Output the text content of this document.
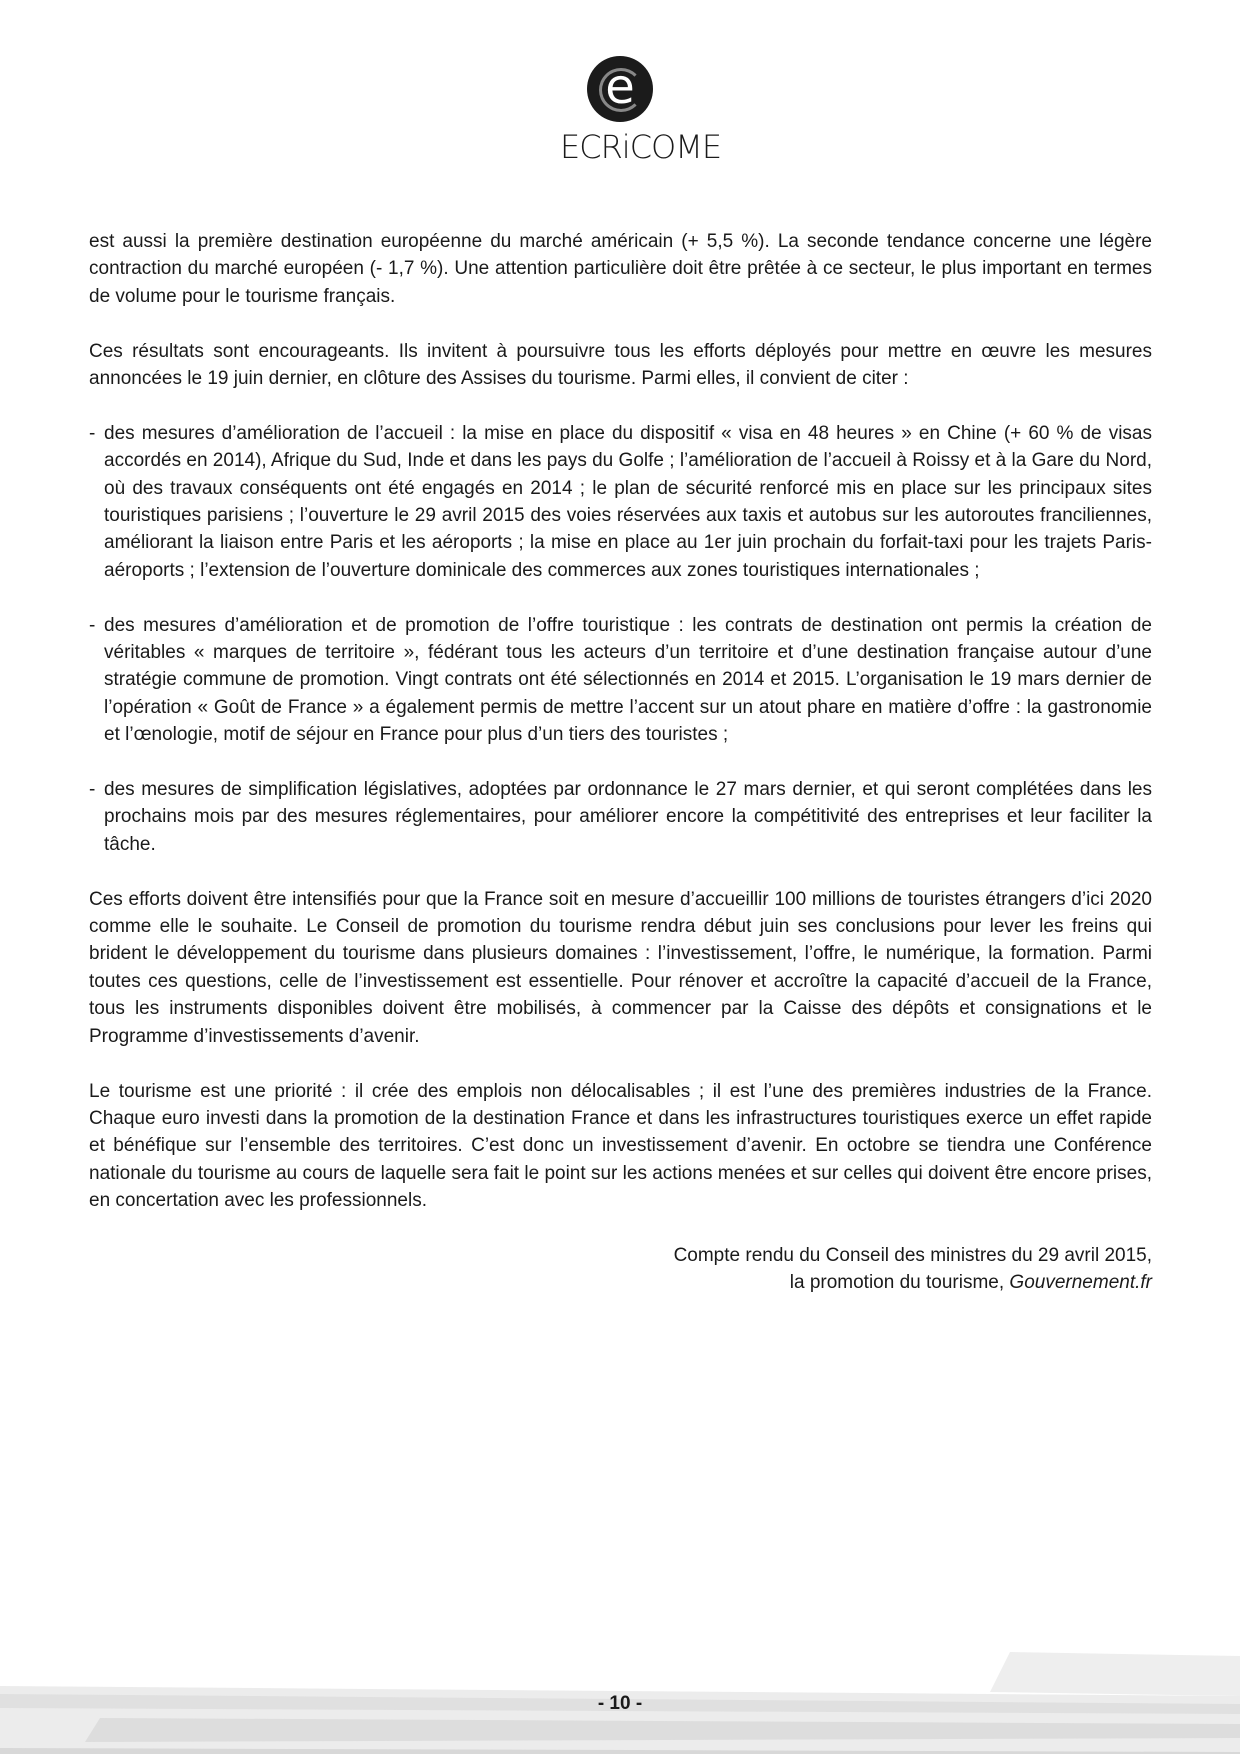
e
ECRiCOME

est aussi la première destination européenne du marché américain (+ 5,5 %). La seconde tendance concerne une légère contraction du marché européen (- 1,7 %). Une attention particulière doit être prêtée à ce secteur, le plus important en termes de volume pour le tourisme français.

Ces résultats sont encourageants. Ils invitent à poursuivre tous les efforts déployés pour mettre en œuvre les mesures annoncées le 19 juin dernier, en clôture des Assises du tourisme. Parmi elles, il convient de citer :

- des mesures d’amélioration de l’accueil : la mise en place du dispositif « visa en 48 heures » en Chine (+ 60 % de visas accordés en 2014), Afrique du Sud, Inde et dans les pays du Golfe ; l’amélioration de l’accueil à Roissy et à la Gare du Nord, où des travaux conséquents ont été engagés en 2014 ; le plan de sécurité renforcé mis en place sur les principaux sites touristiques parisiens ; l’ouverture le 29 avril 2015 des voies réservées aux taxis et autobus sur les autoroutes franciliennes, améliorant la liaison entre Paris et les aéroports ; la mise en place au 1er juin prochain du forfait-taxi pour les trajets Paris-aéroports ; l’extension de l’ouverture dominicale des commerces aux zones touristiques internationales ;

- des mesures d’amélioration et de promotion de l’offre touristique : les contrats de destination ont permis la création de véritables « marques de territoire », fédérant tous les acteurs d’un territoire et d’une destination française autour d’une stratégie commune de promotion. Vingt contrats ont été sélectionnés en 2014 et 2015. L’organisation le 19 mars dernier de l’opération « Goût de France » a également permis de mettre l’accent sur un atout phare en matière d’offre : la gastronomie et l’œnologie, motif de séjour en France pour plus d’un tiers des touristes ;

- des mesures de simplification législatives, adoptées par ordonnance le 27 mars dernier, et qui seront complétées dans les prochains mois par des mesures réglementaires, pour améliorer encore la compétitivité des entreprises et leur faciliter la tâche.

Ces efforts doivent être intensifiés pour que la France soit en mesure d’accueillir 100 millions de touristes étrangers d’ici 2020 comme elle le souhaite. Le Conseil de promotion du tourisme rendra début juin ses conclusions pour lever les freins qui brident le développement du tourisme dans plusieurs domaines : l’investissement, l’offre, le numérique, la formation. Parmi toutes ces questions, celle de l’investissement est essentielle. Pour rénover et accroître la capacité d’accueil de la France, tous les instruments disponibles doivent être mobilisés, à commencer par la Caisse des dépôts et consignations et le Programme d’investissements d’avenir.

Le tourisme est une priorité : il crée des emplois non délocalisables ; il est l’une des premières industries de la France. Chaque euro investi dans la promotion de la destination France et dans les infrastructures touristiques exerce un effet rapide et bénéfique sur l’ensemble des territoires. C’est donc un investissement d’avenir. En octobre se tiendra une Conférence nationale du tourisme au cours de laquelle sera fait le point sur les actions menées et sur celles qui doivent être encore prises, en concertation avec les professionnels.

Compte rendu du Conseil des ministres du 29 avril 2015,
la promotion du tourisme, Gouvernement.fr
- 10 -
